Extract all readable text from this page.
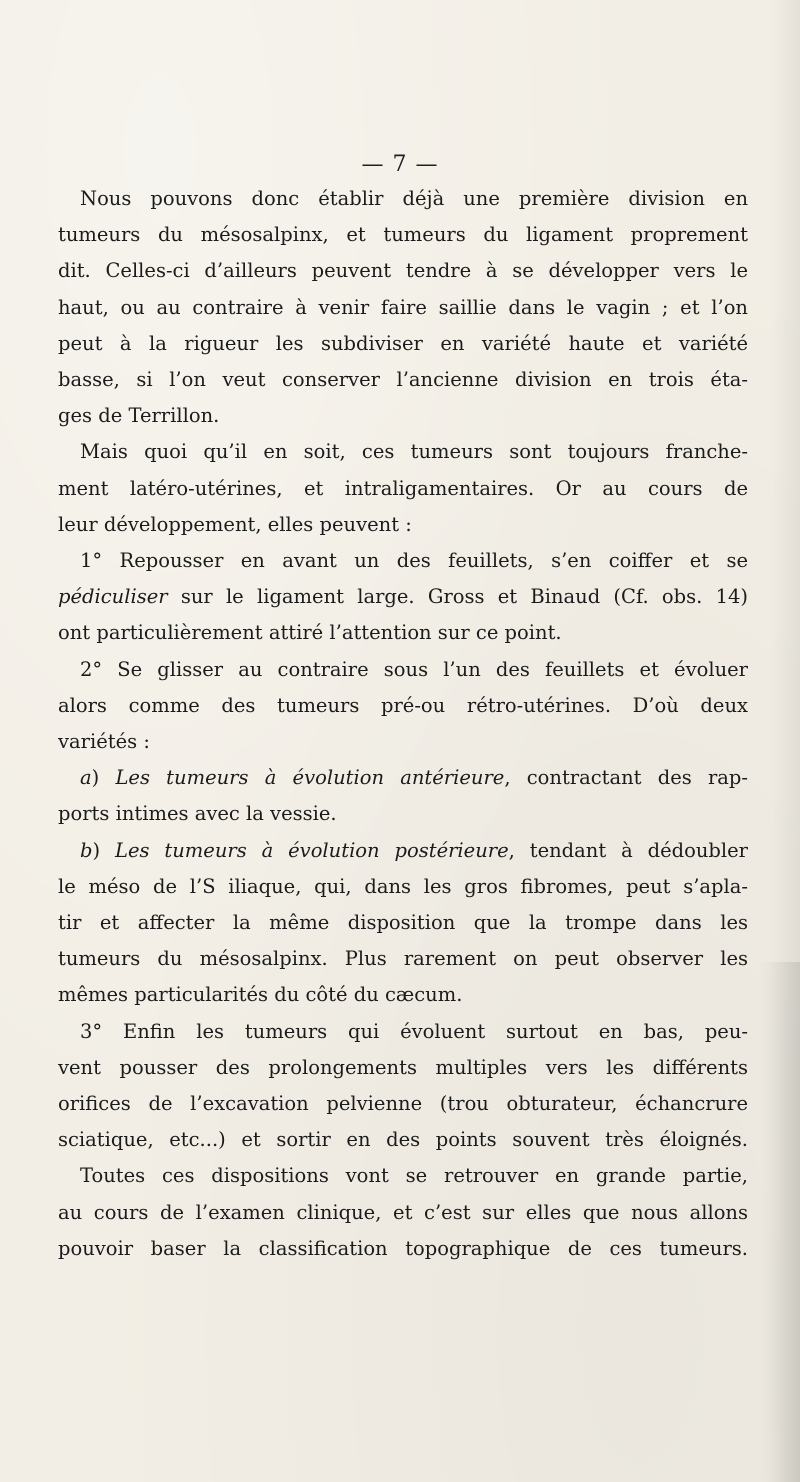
— 7 —
Nous pouvons donc établir déjà une première division en
tumeurs du mésosalpinx, et tumeurs du ligament proprement
dit. Celles-ci d’ailleurs peuvent tendre à se développer vers le
haut, ou au contraire à venir faire saillie dans le vagin ; et l’on
peut à la rigueur les subdiviser en variété haute et variété
basse, si l’on veut conserver l’ancienne division en trois éta-
ges de Terrillon.
Mais quoi qu’il en soit, ces tumeurs sont toujours franche-
ment latéro-utérines, et intraligamentaires. Or au cours de
leur développement, elles peuvent :
1° Repousser en avant un des feuillets, s’en coiffer et se
pédiculiser sur le ligament large. Gross et Binaud (Cf. obs. 14)
ont particulièrement attiré l’attention sur ce point.
2° Se glisser au contraire sous l’un des feuillets et évoluer
alors comme des tumeurs pré-ou rétro-utérines. D’où deux
variétés :
a) Les tumeurs à évolution antérieure, contractant des rap-
ports intimes avec la vessie.
b) Les tumeurs à évolution postérieure, tendant à dédoubler
le méso de l’S iliaque, qui, dans les gros fibromes, peut s’apla-
tir et affecter la même disposition que la trompe dans les
tumeurs du mésosalpinx. Plus rarement on peut observer les
mêmes particularités du côté du cæcum.
3° Enfin les tumeurs qui évoluent surtout en bas, peu-
vent pousser des prolongements multiples vers les différents
orifices de l’excavation pelvienne (trou obturateur, échancrure
sciatique, etc...) et sortir en des points souvent très éloignés.
Toutes ces dispositions vont se retrouver en grande partie,
au cours de l’examen clinique, et c’est sur elles que nous allons
pouvoir baser la classification topographique de ces tumeurs.
